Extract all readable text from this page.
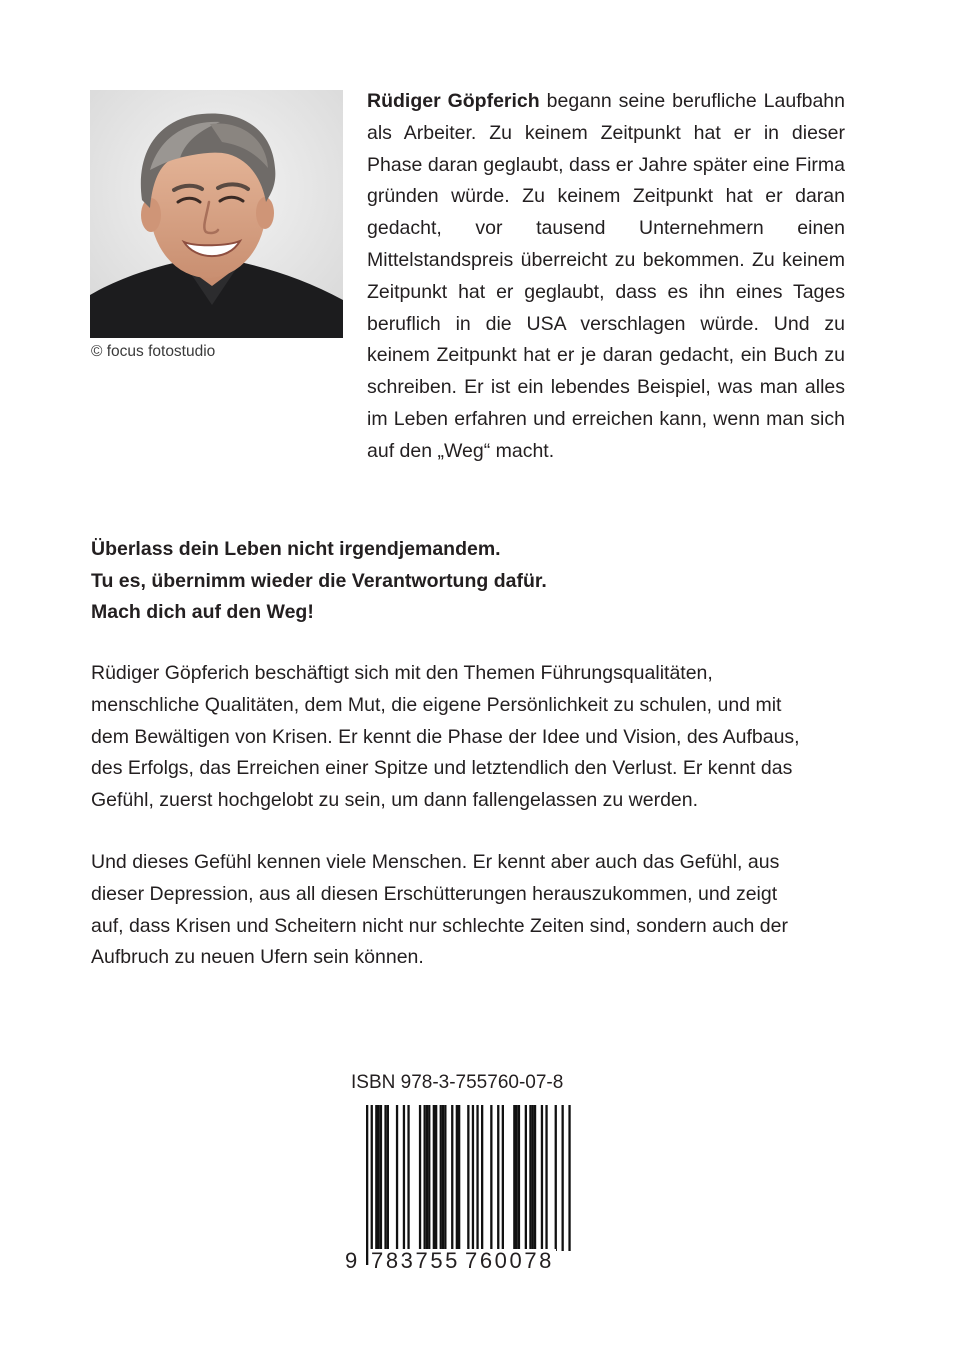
© focus fotostudio

Rüdiger Göpferich begann seine berufliche Laufbahn als Arbeiter. Zu keinem Zeitpunkt hat er in dieser Phase daran geglaubt, dass er Jahre später eine Firma gründen würde. Zu keinem Zeitpunkt hat er daran gedacht, vor tausend Unternehmern einen Mittelstandspreis überreicht zu bekommen. Zu keinem Zeitpunkt hat er geglaubt, dass es ihn eines Tages beruflich in die USA verschlagen würde. Und zu keinem Zeitpunkt hat er je daran gedacht, ein Buch zu schreiben. Er ist ein lebendes Beispiel, was man alles im Leben erfahren und erreichen kann, wenn man sich auf den „Weg“ macht.

Überlass dein Leben nicht irgendjemandem.
Tu es, übernimm wieder die Verantwortung dafür.
Mach dich auf den Weg!
Rüdiger Göpferich beschäftigt sich mit den Themen Führungsqualitäten,
menschliche Qualitäten, dem Mut, die eigene Persönlichkeit zu schulen, und mit
dem Bewältigen von Krisen. Er kennt die Phase der Idee und Vision, des Aufbaus,
des Erfolgs, das Erreichen einer Spitze und letztendlich den Verlust. Er kennt das
Gefühl, zuerst hochgelobt zu sein, um dann fallengelassen zu werden.
Und dieses Gefühl kennen viele Menschen. Er kennt aber auch das Gefühl, aus
dieser Depression, aus all diesen Erschütterungen herauszukommen, und zeigt
auf, dass Krisen und Scheitern nicht nur schlechte Zeiten sind, sondern auch der
Aufbruch zu neuen Ufern sein können.
ISBN 978-3-755760-07-8
9 783755 760078
